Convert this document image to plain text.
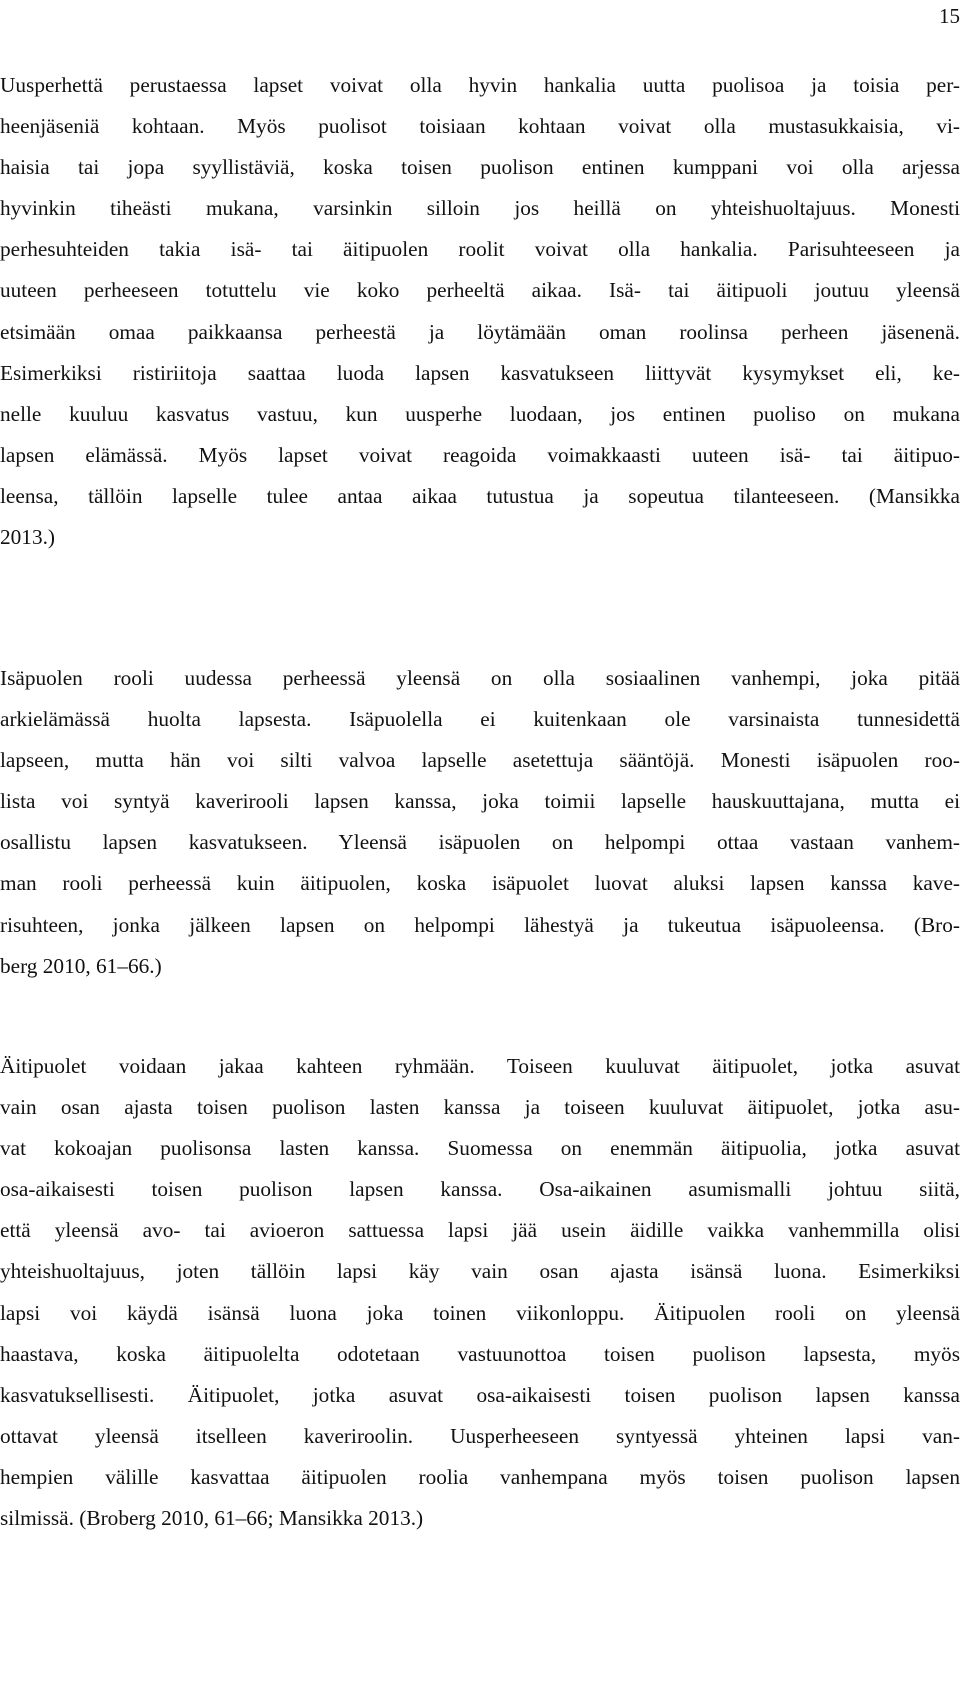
15
Uusperhettä perustaessa lapset voivat olla hyvin hankalia uutta puolisoa ja toisia per-
heenjäseniä kohtaan. Myös puolisot toisiaan kohtaan voivat olla mustasukkaisia, vi-
haisia tai jopa syyllistäviä, koska toisen puolison entinen kumppani voi olla arjessa
hyvinkin tiheästi mukana, varsinkin silloin jos heillä on yhteishuoltajuus. Monesti
perhesuhteiden takia isä- tai äitipuolen roolit voivat olla hankalia. Parisuhteeseen ja
uuteen perheeseen totuttelu vie koko perheeltä aikaa. Isä- tai äitipuoli joutuu yleensä
etsimään omaa paikkaansa perheestä ja löytämään oman roolinsa perheen jäsenenä.
Esimerkiksi ristiriitoja saattaa luoda lapsen kasvatukseen liittyvät kysymykset eli, ke-
nelle kuuluu kasvatus vastuu, kun uusperhe luodaan, jos entinen puoliso on mukana
lapsen elämässä. Myös lapset voivat reagoida voimakkaasti uuteen isä- tai äitipuo-
leensa, tällöin lapselle tulee antaa aikaa tutustua ja sopeutua tilanteeseen. (Mansikka
2013.)
Isäpuolen rooli uudessa perheessä yleensä on olla sosiaalinen vanhempi, joka pitää
arkielämässä huolta lapsesta. Isäpuolella ei kuitenkaan ole varsinaista tunnesidettä
lapseen, mutta hän voi silti valvoa lapselle asetettuja sääntöjä. Monesti isäpuolen roo-
lista voi syntyä kaverirooli lapsen kanssa, joka toimii lapselle hauskuuttajana, mutta ei
osallistu lapsen kasvatukseen. Yleensä isäpuolen on helpompi ottaa vastaan vanhem-
man rooli perheessä kuin äitipuolen, koska isäpuolet luovat aluksi lapsen kanssa kave-
risuhteen, jonka jälkeen lapsen on helpompi lähestyä ja tukeutua isäpuoleensa. (Bro-
berg 2010, 61–66.)
Äitipuolet voidaan jakaa kahteen ryhmään. Toiseen kuuluvat äitipuolet, jotka asuvat
vain osan ajasta toisen puolison lasten kanssa ja toiseen kuuluvat äitipuolet, jotka asu-
vat kokoajan puolisonsa lasten kanssa. Suomessa on enemmän äitipuolia, jotka asuvat
osa-aikaisesti toisen puolison lapsen kanssa. Osa-aikainen asumismalli johtuu siitä,
että yleensä avo- tai avioeron sattuessa lapsi jää usein äidille vaikka vanhemmilla olisi
yhteishuoltajuus, joten tällöin lapsi käy vain osan ajasta isänsä luona. Esimerkiksi
lapsi voi käydä isänsä luona joka toinen viikonloppu. Äitipuolen rooli on yleensä
haastava, koska äitipuolelta odotetaan vastuunottoa toisen puolison lapsesta, myös
kasvatuksellisesti. Äitipuolet, jotka asuvat osa-aikaisesti toisen puolison lapsen kanssa
ottavat yleensä itselleen kaveriroolin. Uusperheeseen syntyessä yhteinen lapsi van-
hempien välille kasvattaa äitipuolen roolia vanhempana myös toisen puolison lapsen
silmissä. (Broberg 2010, 61–66; Mansikka 2013.)
